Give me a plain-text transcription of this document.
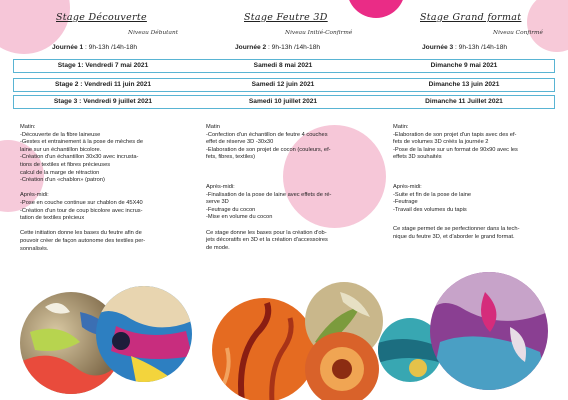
Stage Découverte
Niveau Débutant
Journée 1 : 9h-13h /14h-18h
Stage Feutre 3D
Niveau Initié-Confirmé
Journée 2 : 9h-13h /14h-18h
Stage Grand format
Niveau Confirmé
Journée 3 : 9h-13h /14h-18h
Stage 1: Vendredi 7 mai 2021	Samedi 8 mai 2021	Dimanche 9 mai 2021
Stage 2 : Vendredi 11 juin 2021	Samedi 12 juin 2021	Dimanche 13 juin 2021
Stage 3 : Vendredi 9 juillet 2021	Samedi 10 juillet 2021	Dimanche 11 Juillet 2021

Matin:
-Découverte de la fibre laineuse
-Gestes et entrainement à la pose de mèches de
laine sur un échantillon bicolore.
-Création d'un échantillon 30x30 avec incrusta-
tions de textiles et fibres précieuses
calcul de la marge de rétraction
-Création d'un «chablon» (patron)

Après-midi:
-Pose en couche continue sur chablon de 45X40
-Création d'un tour de coup bicolore avec incrus-
tation de textiles précieux

Cette initiation donne les bases du feutre afin de
pouvoir créer de façon autonome des textiles per-
sonnalisés.

Matin
-Confection d'un échantillon de feutre 4 couches
effet de réserve 3D -30x30
-Elaboration de son projet de cocon (couleurs, ef-
fets, fibres, textiles)

Après-midi:
-Finalisation de la pose de laine avec effets de ré-
serve 3D
-Feutrage du cocon
-Mise en volume du cocon

Ce stage donne les bases pour la création d'ob-
jets décoratifs en 3D et la création d'accessoires
de mode.

Matin:
-Elaboration de son projet d'un tapis avec des ef-
fets de volumes 3D créés la journée 2
-Pose de la laine sur un format de 90x90 avec les
effets 3D souhaités

Après-midi:
-Suite et fin de la pose de laine
-Feutrage
-Travail des volumes du tapis

Ce stage permet de se perfectionner dans la tech-
nique du feutre 3D, et d'aborder le grand format.
